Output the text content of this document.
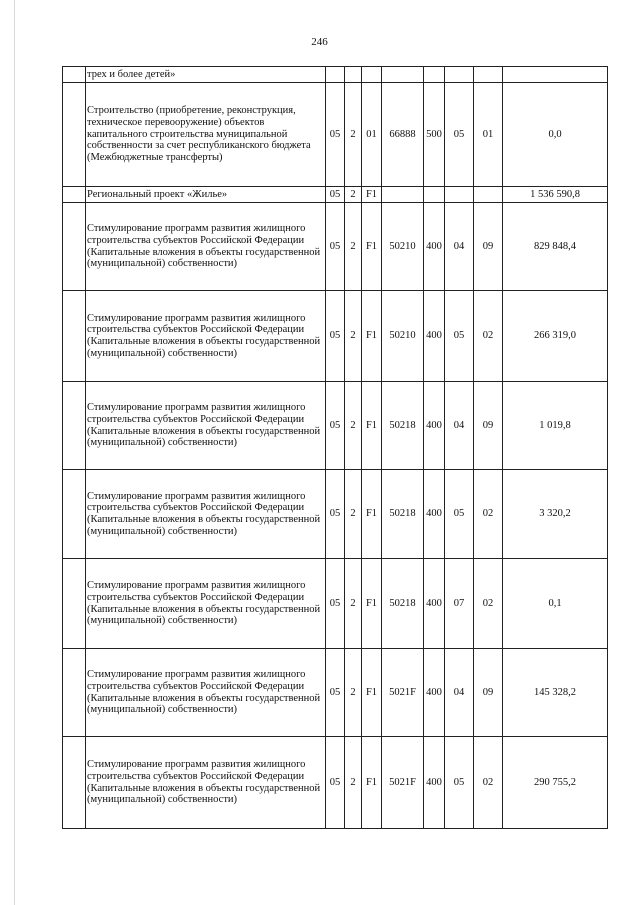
246
	трех и более детей»								
	Строительство (приобретение, реконструкция, техническое перевооружение) объектов капитального строительства муниципальной собственности за счет республиканского бюджета (Межбюджетные трансферты)	05	2	01	66888	500	05	01	0,0
	Региональный проект «Жилье»	05	2	F1					1 536 590,8
	Стимулирование программ развития жилищного строительства субъектов Российской Федерации (Капитальные вложения в объекты государственной (муниципальной) собственности)	05	2	F1	50210	400	04	09	829 848,4
	Стимулирование программ развития жилищного строительства субъектов Российской Федерации (Капитальные вложения в объекты государственной (муниципальной) собственности)	05	2	F1	50210	400	05	02	266 319,0
	Стимулирование программ развития жилищного строительства субъектов Российской Федерации (Капитальные вложения в объекты государственной (муниципальной) собственности)	05	2	F1	50218	400	04	09	1 019,8
	Стимулирование программ развития жилищного строительства субъектов Российской Федерации (Капитальные вложения в объекты государственной (муниципальной) собственности)	05	2	F1	50218	400	05	02	3 320,2
	Стимулирование программ развития жилищного строительства субъектов Российской Федерации (Капитальные вложения в объекты государственной (муниципальной) собственности)	05	2	F1	50218	400	07	02	0,1
	Стимулирование программ развития жилищного строительства субъектов Российской Федерации (Капитальные вложения в объекты государственной (муниципальной) собственности)	05	2	F1	5021F	400	04	09	145 328,2
	Стимулирование программ развития жилищного строительства субъектов Российской Федерации (Капитальные вложения в объекты государственной (муниципальной) собственности)	05	2	F1	5021F	400	05	02	290 755,2
